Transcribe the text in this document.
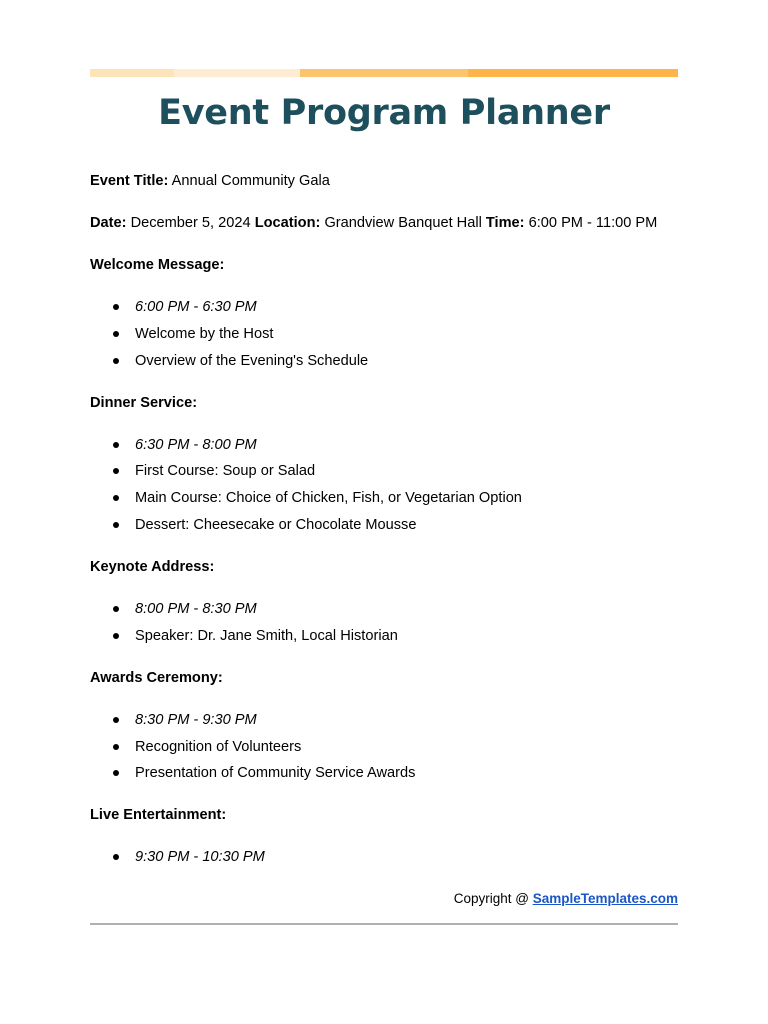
Event Program Planner

Event Title: Annual Community Gala

Date: December 5, 2024 Location: Grandview Banquet Hall Time: 6:00 PM - 11:00 PM

Welcome Message:

6:00 PM - 6:30 PM
Welcome by the Host
Overview of the Evening's Schedule

Dinner Service:

6:30 PM - 8:00 PM
First Course: Soup or Salad
Main Course: Choice of Chicken, Fish, or Vegetarian Option
Dessert: Cheesecake or Chocolate Mousse

Keynote Address:

8:00 PM - 8:30 PM
Speaker: Dr. Jane Smith, Local Historian

Awards Ceremony:

8:30 PM - 9:30 PM
Recognition of Volunteers
Presentation of Community Service Awards

Live Entertainment:

9:30 PM - 10:30 PM
Copyright @ SampleTemplates.com
